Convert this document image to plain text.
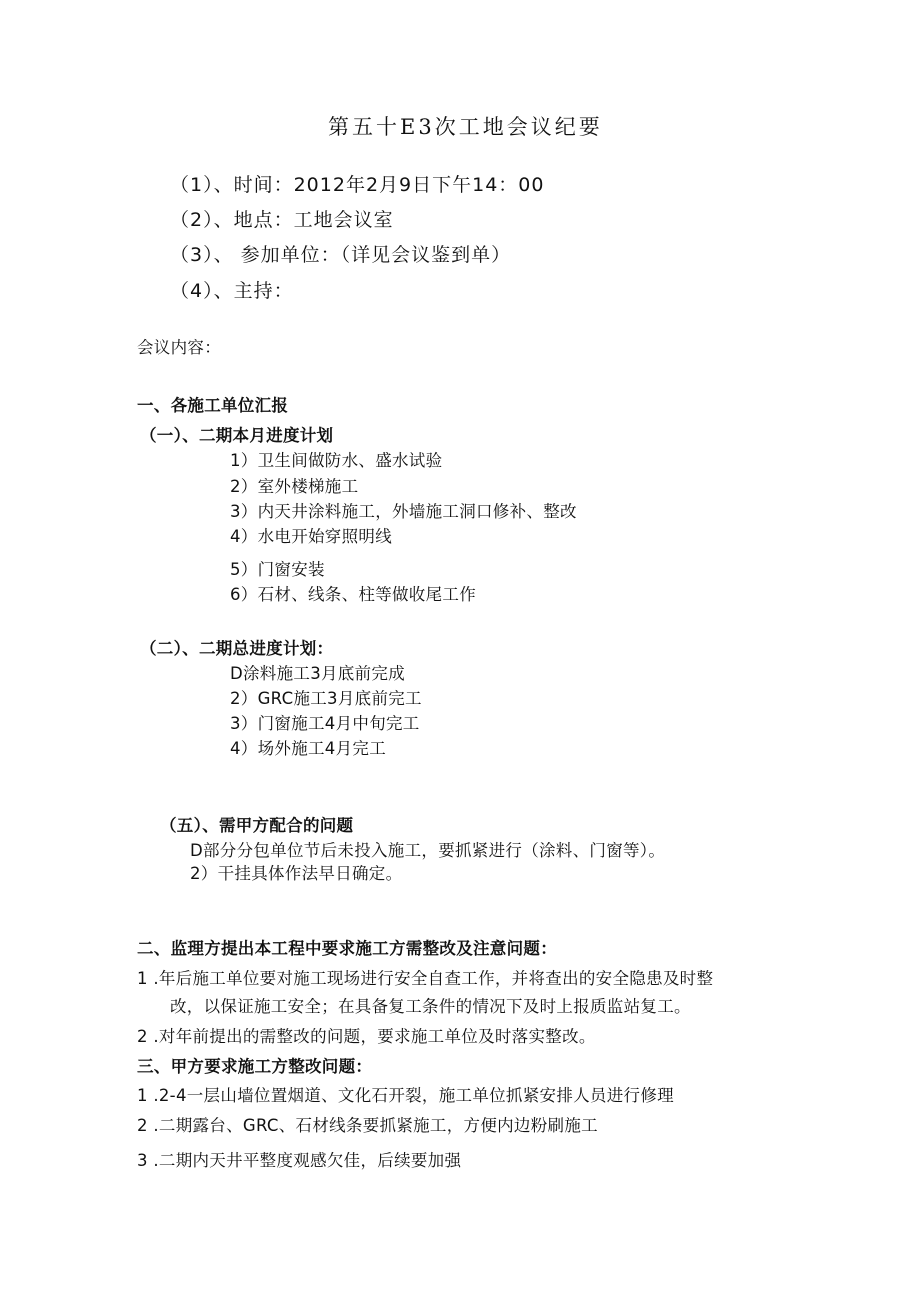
第五十E3次工地会议纪要
（1）、时间：2012年2月9日下午14：00
（2）、地点：工地会议室
（3）、 参加单位：（详见会议鉴到单）
（4）、主持：
会议内容：
一、各施工单位汇报
（一）、二期本月进度计划
1）卫生间做防水、盛水试验
2）室外楼梯施工
3）内天井涂料施工，外墙施工洞口修补、整改
4）水电开始穿照明线
5）门窗安装
6）石材、线条、柱等做收尾工作
（二）、二期总进度计划：
D涂料施工3月底前完成
2）GRC施工3月底前完工
3）门窗施工4月中旬完工
4）场外施工4月完工
（五）、需甲方配合的问题
D部分分包单位节后未投入施工，要抓紧进行（涂料、门窗等）。
2）干挂具体作法早日确定。
二、监理方提出本工程中要求施工方需整改及注意问题：
1 .年后施工单位要对施工现场进行安全自查工作，并将查出的安全隐患及时整
改，以保证施工安全；在具备复工条件的情况下及时上报质监站复工。
2 .对年前提出的需整改的问题，要求施工单位及时落实整改。
三、甲方要求施工方整改问题：
1 .2-4一层山墙位置烟道、文化石开裂，施工单位抓紧安排人员进行修理
2 .二期露台、GRC、石材线条要抓紧施工，方便内边粉刷施工
3 .二期内天井平整度观感欠佳，后续要加强
